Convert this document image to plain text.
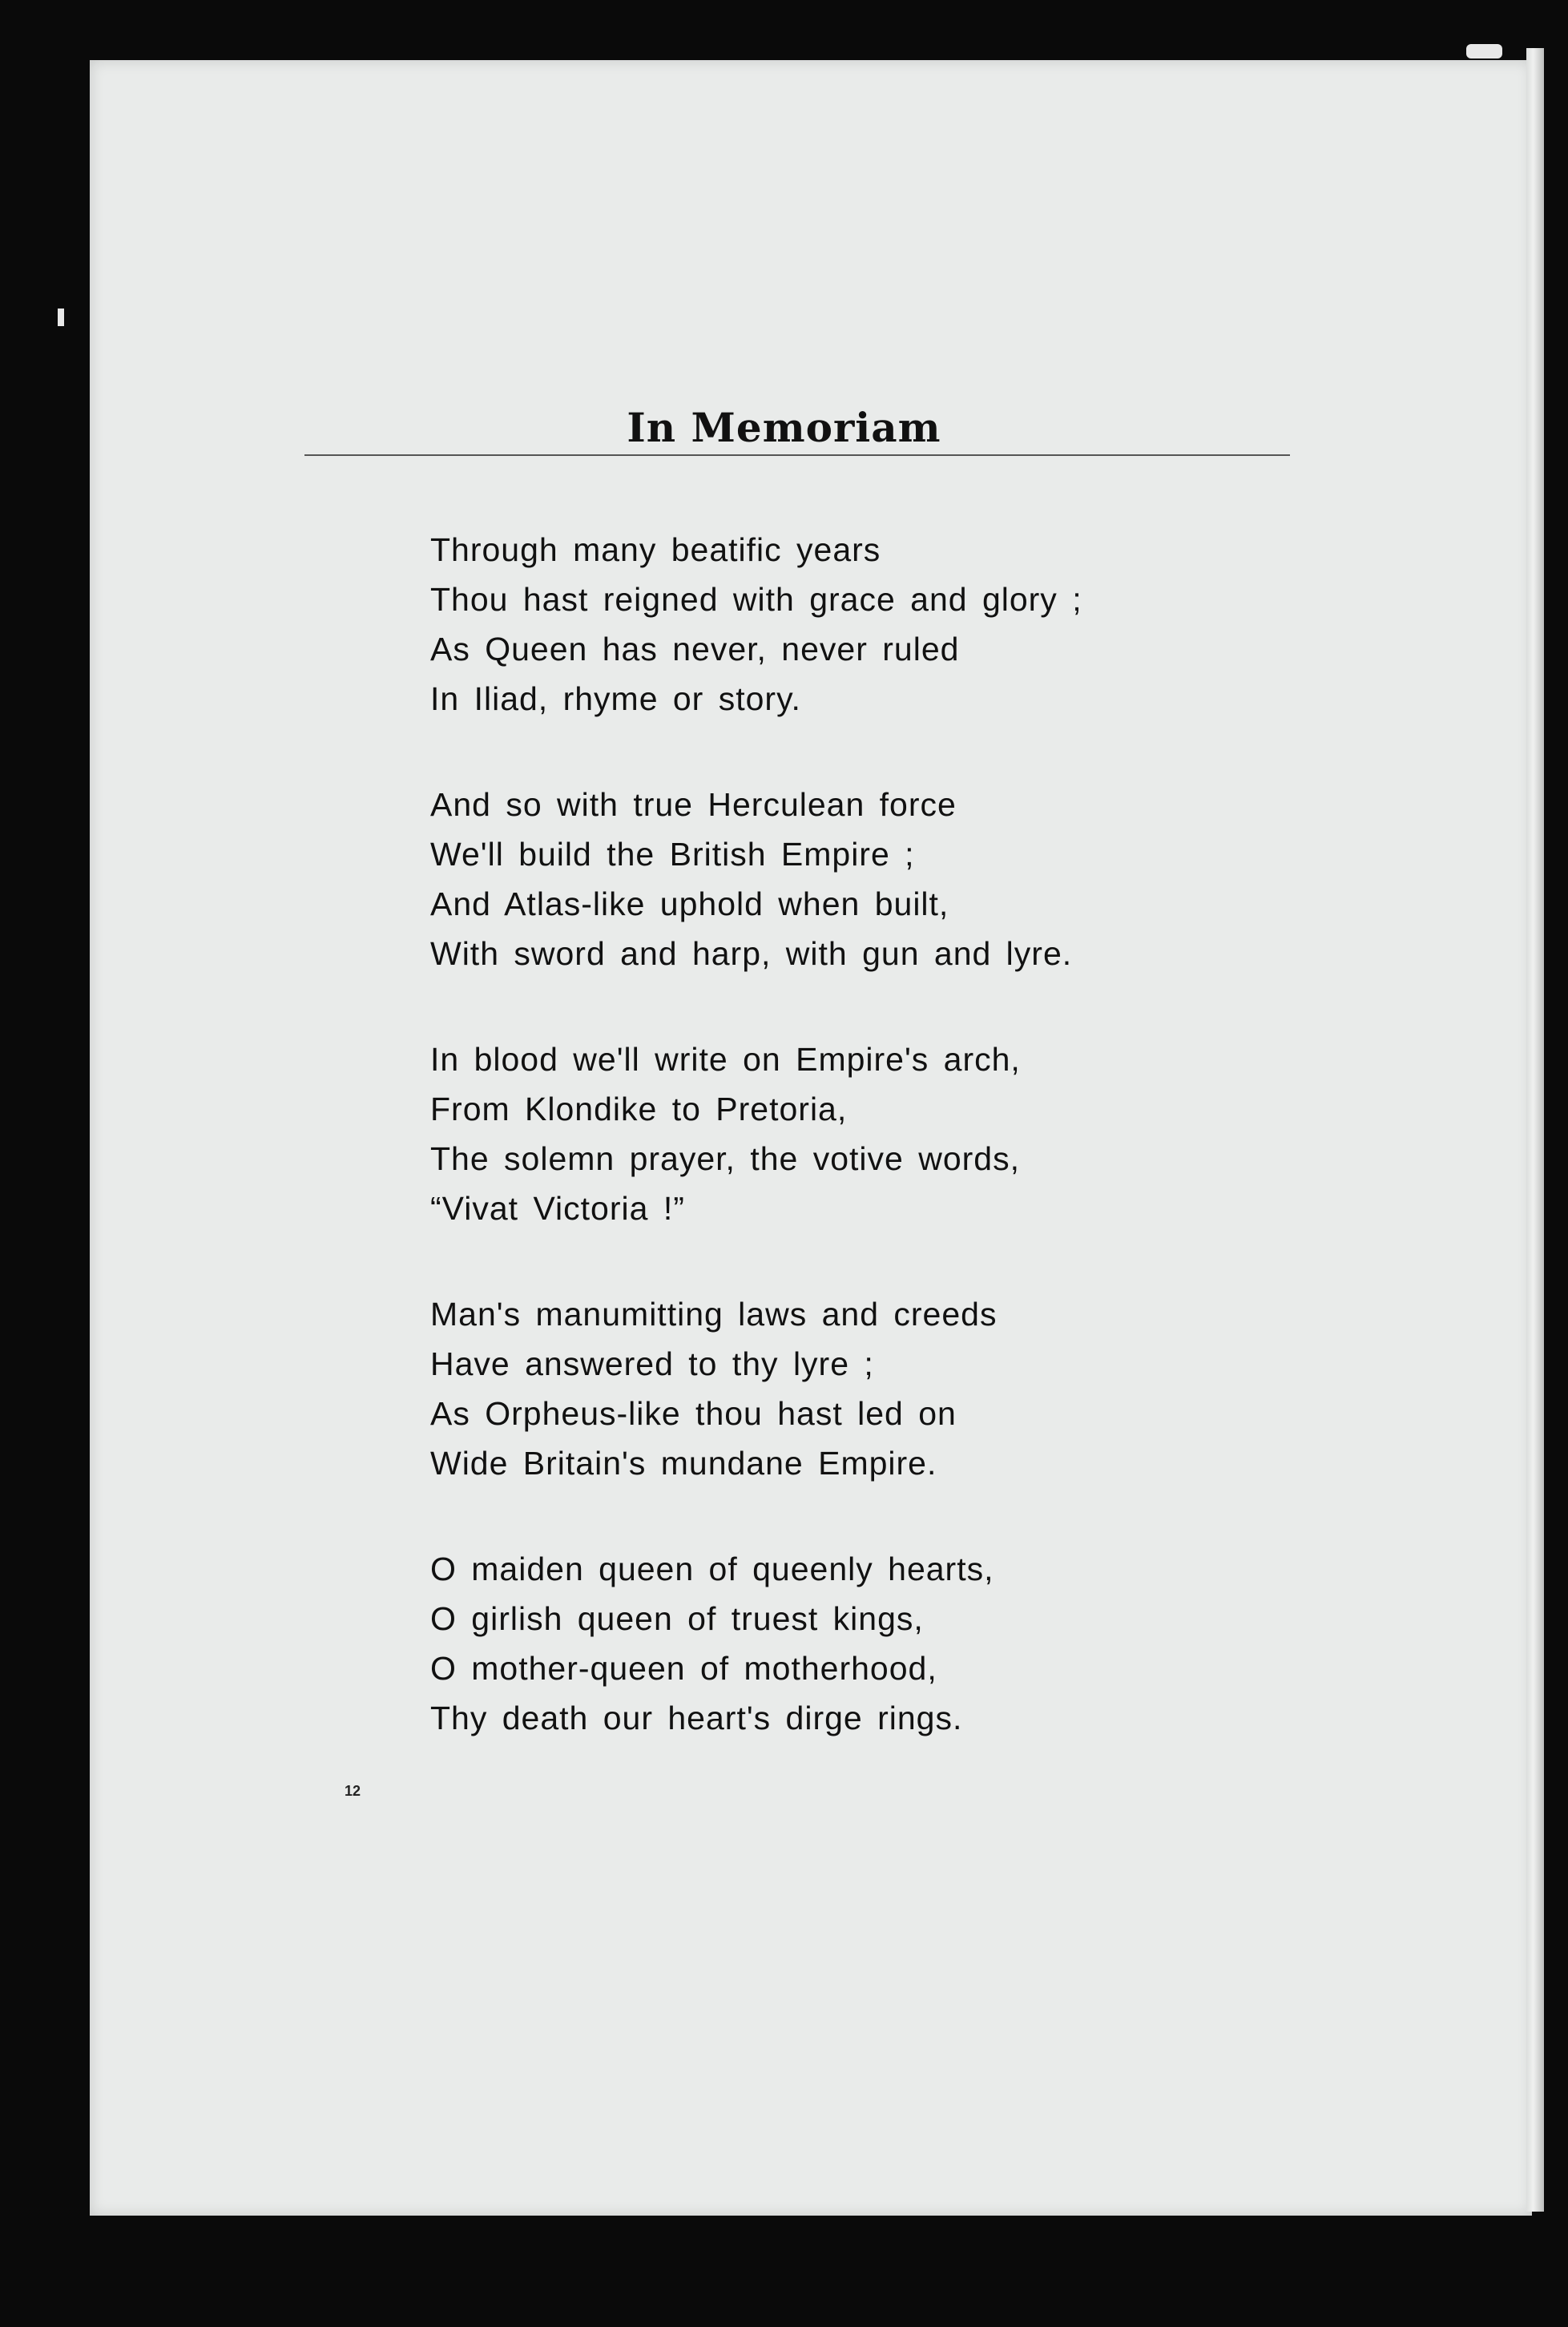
In Memoriam
Through many beatific years
Thou hast reigned with grace and glory ;
As Queen has never, never ruled
In Iliad, rhyme or story.
And so with true Herculean force
We'll build the British Empire ;
And Atlas-like uphold when built,
With sword and harp, with gun and lyre.
In blood we'll write on Empire's arch,
From Klondike to Pretoria,
The solemn prayer, the votive words,
“Vivat Victoria !”
Man's manumitting laws and creeds
Have answered to thy lyre ;
As Orpheus-like thou hast led on
Wide Britain's mundane Empire.
O maiden queen of queenly hearts,
O girlish queen of truest kings,
O mother-queen of motherhood,
Thy death our heart's dirge rings.
12
